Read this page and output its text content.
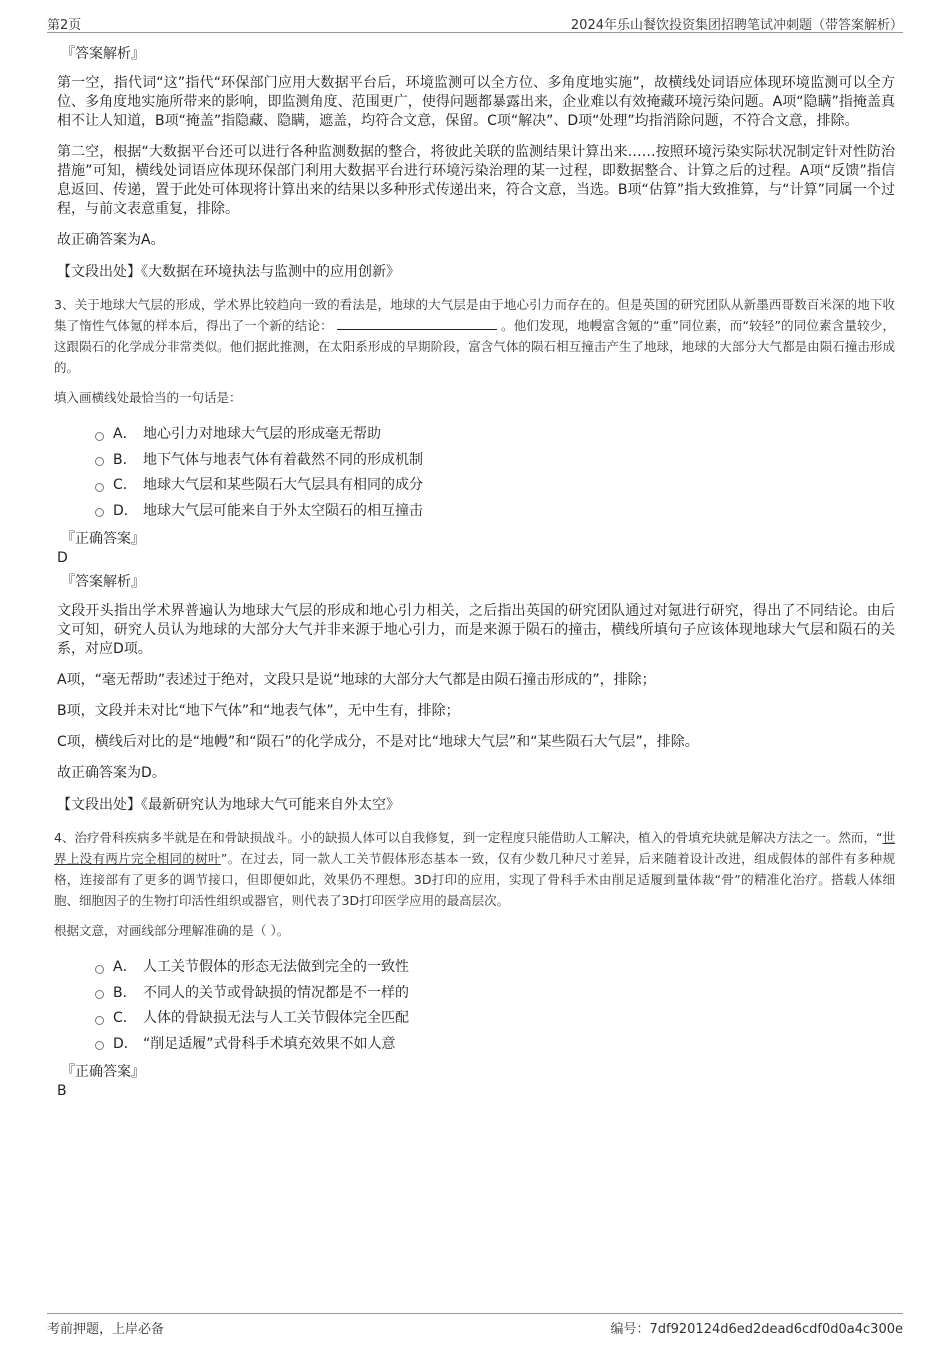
第2页	2024年乐山餐饮投资集团招聘笔试冲刺题（带答案解析）
『答案解析』

第一空，指代词“这”指代“环保部门应用大数据平台后，环境监测可以全方位、多角度地实施”，故横线处词语应体现环境监测可以全方位、多角度地实施所带来的影响，即监测角度、范围更广，使得问题都暴露出来，企业难以有效掩藏环境污染问题。A项“隐瞒”指掩盖真相不让人知道，B项“掩盖”指隐藏、隐瞒，遮盖，均符合文意，保留。C项“解决”、D项“处理”均指消除问题，不符合文意，排除。

第二空，根据“大数据平台还可以进行各种监测数据的整合，将彼此关联的监测结果计算出来……按照环境污染实际状况制定针对性防治措施”可知，横线处词语应体现环保部门利用大数据平台进行环境污染治理的某一过程，即数据整合、计算之后的过程。A项“反馈”指信息返回、传递，置于此处可体现将计算出来的结果以多种形式传递出来，符合文意，当选。B项“估算”指大致推算，与“计算”同属一个过程，与前文表意重复，排除。

故正确答案为A。

【文段出处】《大数据在环境执法与监测中的应用创新》
3、关于地球大气层的形成，学术界比较趋向一致的看法是，地球的大气层是由于地心引力而存在的。但是英国的研究团队从新墨西哥数百米深的地下收集了惰性气体氪的样本后，得出了一个新的结论：	。他们发现，地幔富含氪的“重”同位素，而“较轻”的同位素含量较少，这跟陨石的化学成分非常类似。他们据此推测，在太阳系形成的早期阶段，富含气体的陨石相互撞击产生了地球，地球的大部分大气都是由陨石撞击形成的。
填入画横线处最恰当的一句话是：
A． 地心引力对地球大气层的形成毫无帮助
B． 地下气体与地表气体有着截然不同的形成机制
C． 地球大气层和某些陨石大气层具有相同的成分
D． 地球大气层可能来自于外太空陨石的相互撞击
『正确答案』
D
『答案解析』

文段开头指出学术界普遍认为地球大气层的形成和地心引力相关，之后指出英国的研究团队通过对氪进行研究，得出了不同结论。由后文可知，研究人员认为地球的大部分大气并非来源于地心引力，而是来源于陨石的撞击，横线所填句子应该体现地球大气层和陨石的关系，对应D项。

A项，“毫无帮助”表述过于绝对，文段只是说“地球的大部分大气都是由陨石撞击形成的”，排除；

B项，文段并未对比“地下气体”和“地表气体”，无中生有，排除；

C项，横线后对比的是“地幔”和“陨石”的化学成分，不是对比“地球大气层”和“某些陨石大气层”，排除。

故正确答案为D。

【文段出处】《最新研究认为地球大气可能来自外太空》
4、治疗骨科疾病多半就是在和骨缺损战斗。小的缺损人体可以自我修复，到一定程度只能借助人工解决，植入的骨填充块就是解决方法之一。然而，“世界上没有两片完全相同的树叶”。在过去，同一款人工关节假体形态基本一致，仅有少数几种尺寸差异，后来随着设计改进，组成假体的部件有多种规格，连接部有了更多的调节接口，但即便如此，效果仍不理想。3D打印的应用，实现了骨科手术由削足适履到量体裁“骨”的精准化治疗。搭载人体细胞、细胞因子的生物打印活性组织或器官，则代表了3D打印医学应用的最高层次。
根据文意，对画线部分理解准确的是（ ）。
A． 人工关节假体的形态无法做到完全的一致性
B． 不同人的关节或骨缺损的情况都是不一样的
C． 人体的骨缺损无法与人工关节假体完全匹配
D． “削足适履”式骨科手术填充效果不如人意
『正确答案』
B
考前押题，上岸必备	编号：7df920124d6ed2dead6cdf0d0a4c300e
